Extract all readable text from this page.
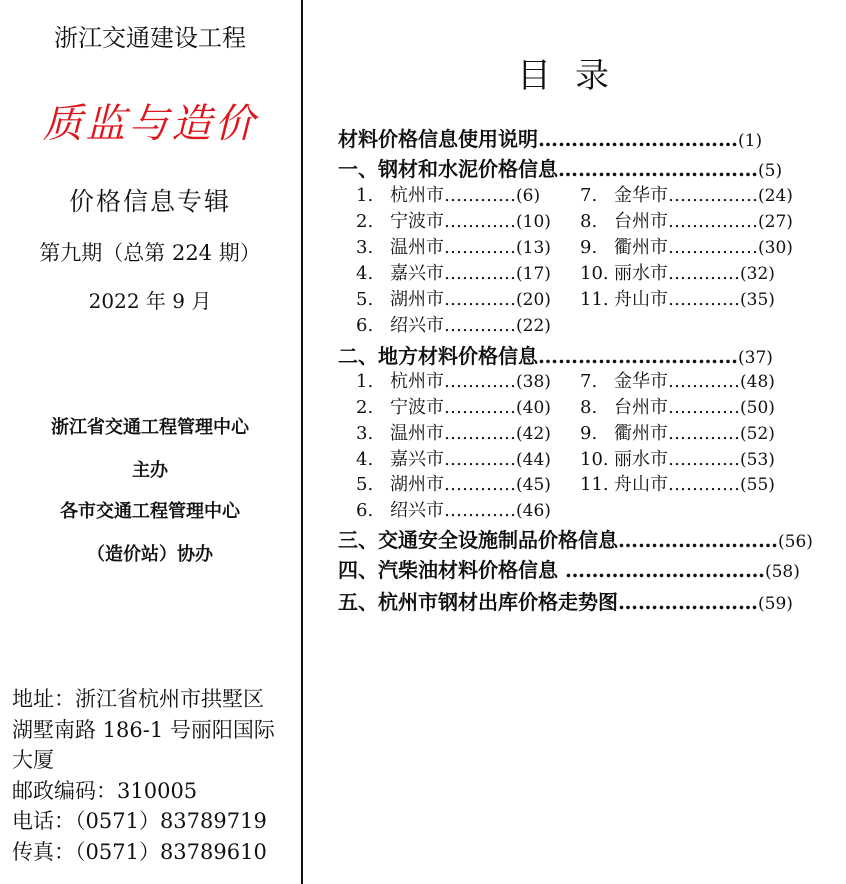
浙江交通建设工程
质监与造价
价格信息专辑
第九期（总第 224 期）
2022 年 9 月
浙江省交通工程管理中心
主办
各市交通工程管理中心
（造价站）协办
地址：浙江省杭州市拱墅区
湖墅南路 186-1 号丽阳国际
大厦
邮政编码：310005
电话：（0571）83789719
传真：（0571）83789610
目录
材料价格信息使用说明…………………………(1)
一、钢材和水泥价格信息…………………………(5)
二、地方材料价格信息…………………………(37)
三、交通安全设施制品价格信息……………………(56)
四、汽柴油材料价格信息 …………………………(58)
五、杭州市钢材出库价格走势图…………………(59)
1. 杭州市…………(6)
2. 宁波市…………(10)
3. 温州市…………(13)
4. 嘉兴市…………(17)
5. 湖州市…………(20)
6. 绍兴市…………(22)
7. 金华市……………(24)
8. 台州市……………(27)
9. 衢州市……………(30)
10. 丽水市…………(32)
11. 舟山市…………(35)
1. 杭州市…………(38)
2. 宁波市…………(40)
3. 温州市…………(42)
4. 嘉兴市…………(44)
5. 湖州市…………(45)
6. 绍兴市…………(46)
7. 金华市…………(48)
8. 台州市…………(50)
9. 衢州市…………(52)
10. 丽水市…………(53)
11. 舟山市…………(55)
